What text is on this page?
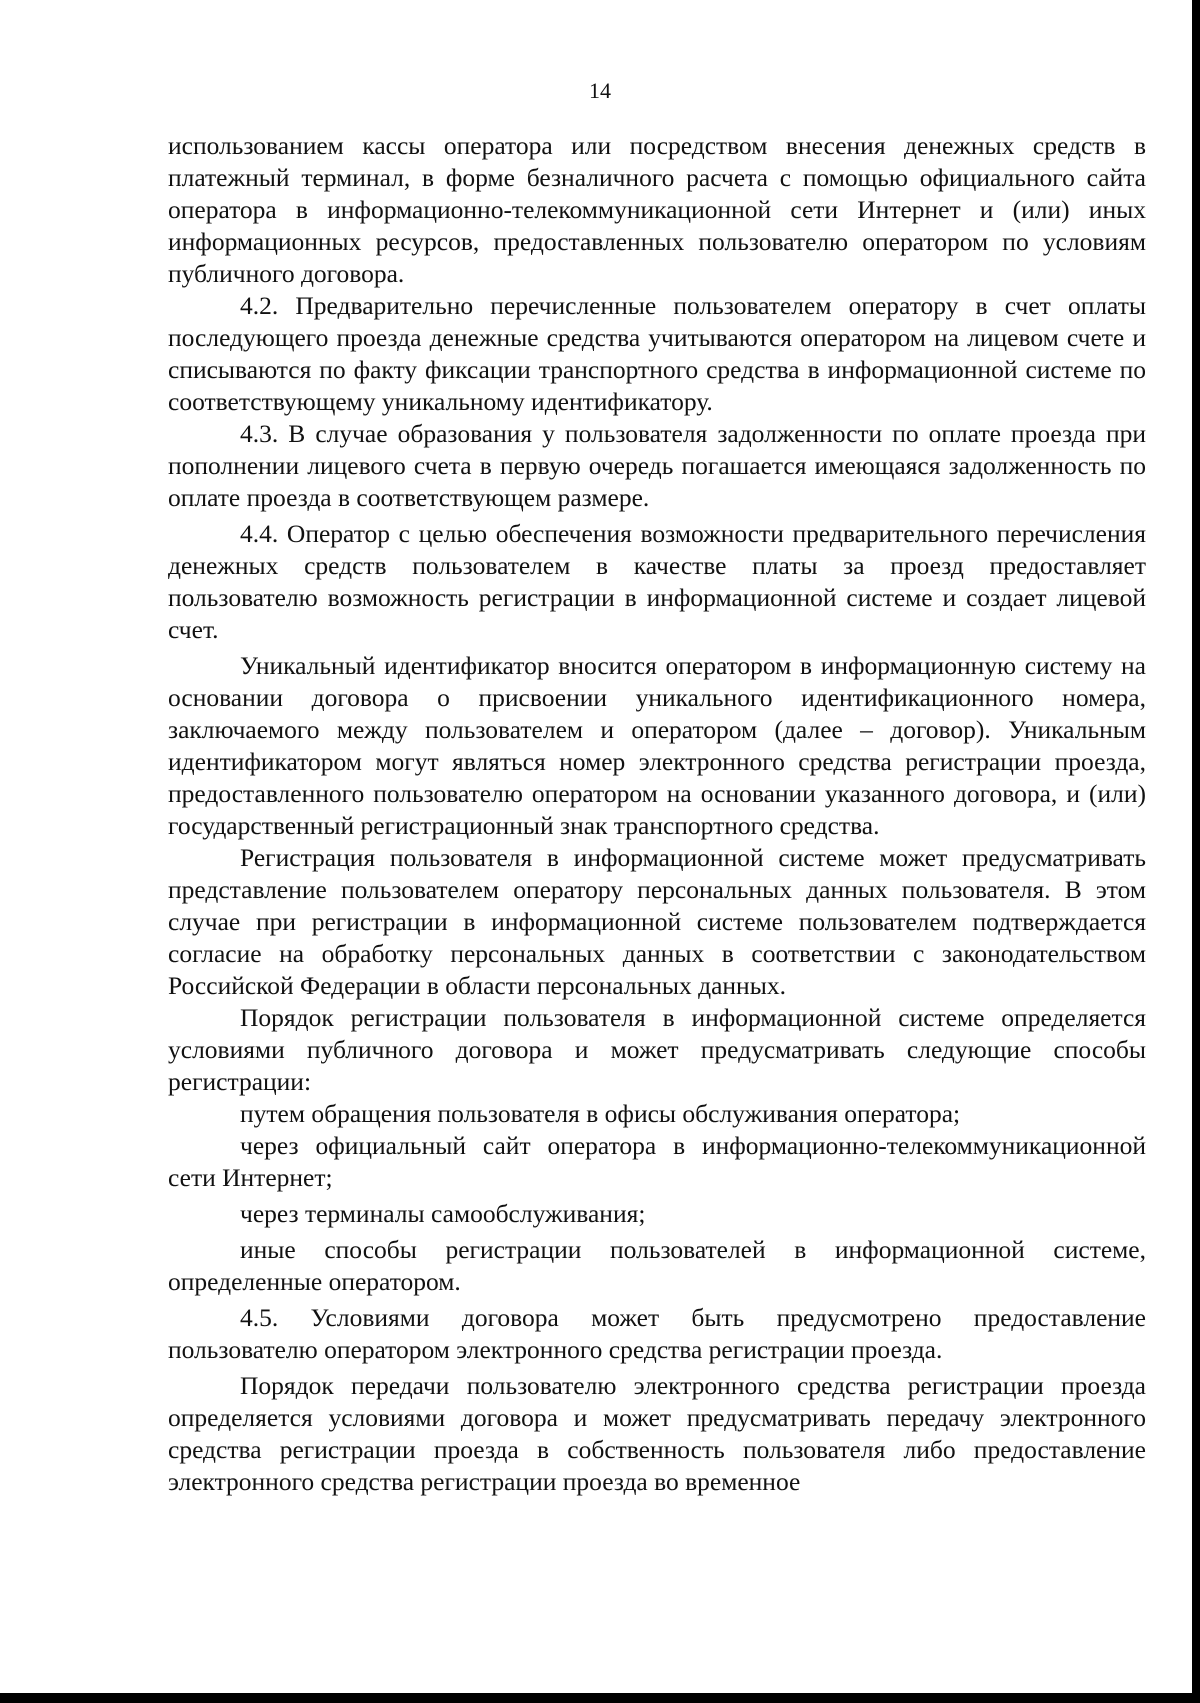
14

использованием кассы оператора или посредством внесения денежных средств в платежный терминал, в форме безналичного расчета с помощью официального сайта оператора в информационно-телекоммуникационной сети Интернет и (или) иных информационных ресурсов, предоставленных пользователю оператором по условиям публичного договора.

4.2. Предварительно перечисленные пользователем оператору в счет оплаты последующего проезда денежные средства учитываются оператором на лицевом счете и списываются по факту фиксации транспортного средства в информационной системе по соответствующему уникальному идентификатору.

4.3. В случае образования у пользователя задолженности по оплате проезда при пополнении лицевого счета в первую очередь погашается имеющаяся задолженность по оплате проезда в соответствующем размере.

4.4. Оператор с целью обеспечения возможности предварительного перечисления денежных средств пользователем в качестве платы за проезд предоставляет пользователю возможность регистрации в информационной системе и создает лицевой счет.

Уникальный идентификатор вносится оператором в информационную систему на основании договора о присвоении уникального идентификационного номера, заключаемого между пользователем и оператором (далее – договор). Уникальным идентификатором могут являться номер электронного средства регистрации проезда, предоставленного пользователю оператором на основании указанного договора, и (или) государственный регистрационный знак транспортного средства.

Регистрация пользователя в информационной системе может предусматривать представление пользователем оператору персональных данных пользователя. В этом случае при регистрации в информационной системе пользователем подтверждается согласие на обработку персональных данных в соответствии с законодательством Российской Федерации в области персональных данных.

Порядок регистрации пользователя в информационной системе определяется условиями публичного договора и может предусматривать следующие способы регистрации:

путем обращения пользователя в офисы обслуживания оператора;

через официальный сайт оператора в информационно-телекоммуникационной сети Интернет;

через терминалы самообслуживания;

иные способы регистрации пользователей в информационной системе, определенные оператором.

4.5. Условиями договора может быть предусмотрено предоставление пользователю оператором электронного средства регистрации проезда.

Порядок передачи пользователю электронного средства регистрации проезда определяется условиями договора и может предусматривать передачу электронного средства регистрации проезда в собственность пользователя либо предоставление электронного средства регистрации проезда во временное
